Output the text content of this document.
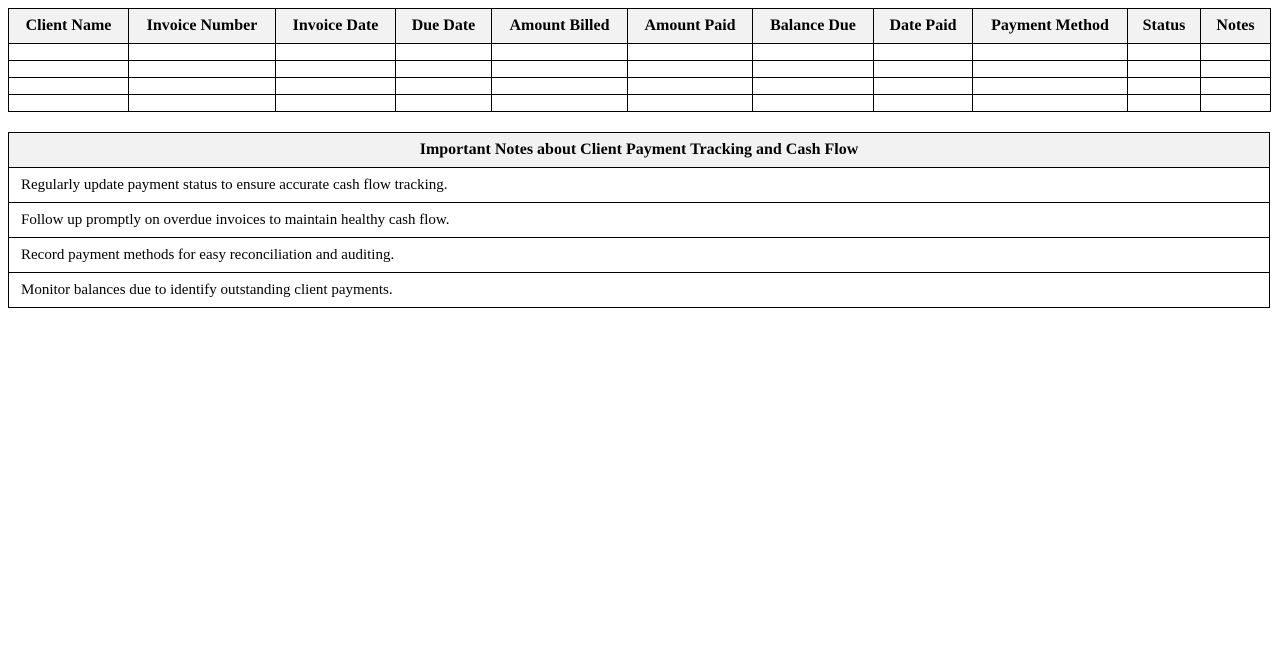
Client Name	Invoice Number	Invoice Date	Due Date	Amount Billed	Amount Paid	Balance Due	Date Paid	Payment Method	Status	Notes

Important Notes about Client Payment Tracking and Cash Flow
Regularly update payment status to ensure accurate cash flow tracking.
Follow up promptly on overdue invoices to maintain healthy cash flow.
Record payment methods for easy reconciliation and auditing.
Monitor balances due to identify outstanding client payments.
